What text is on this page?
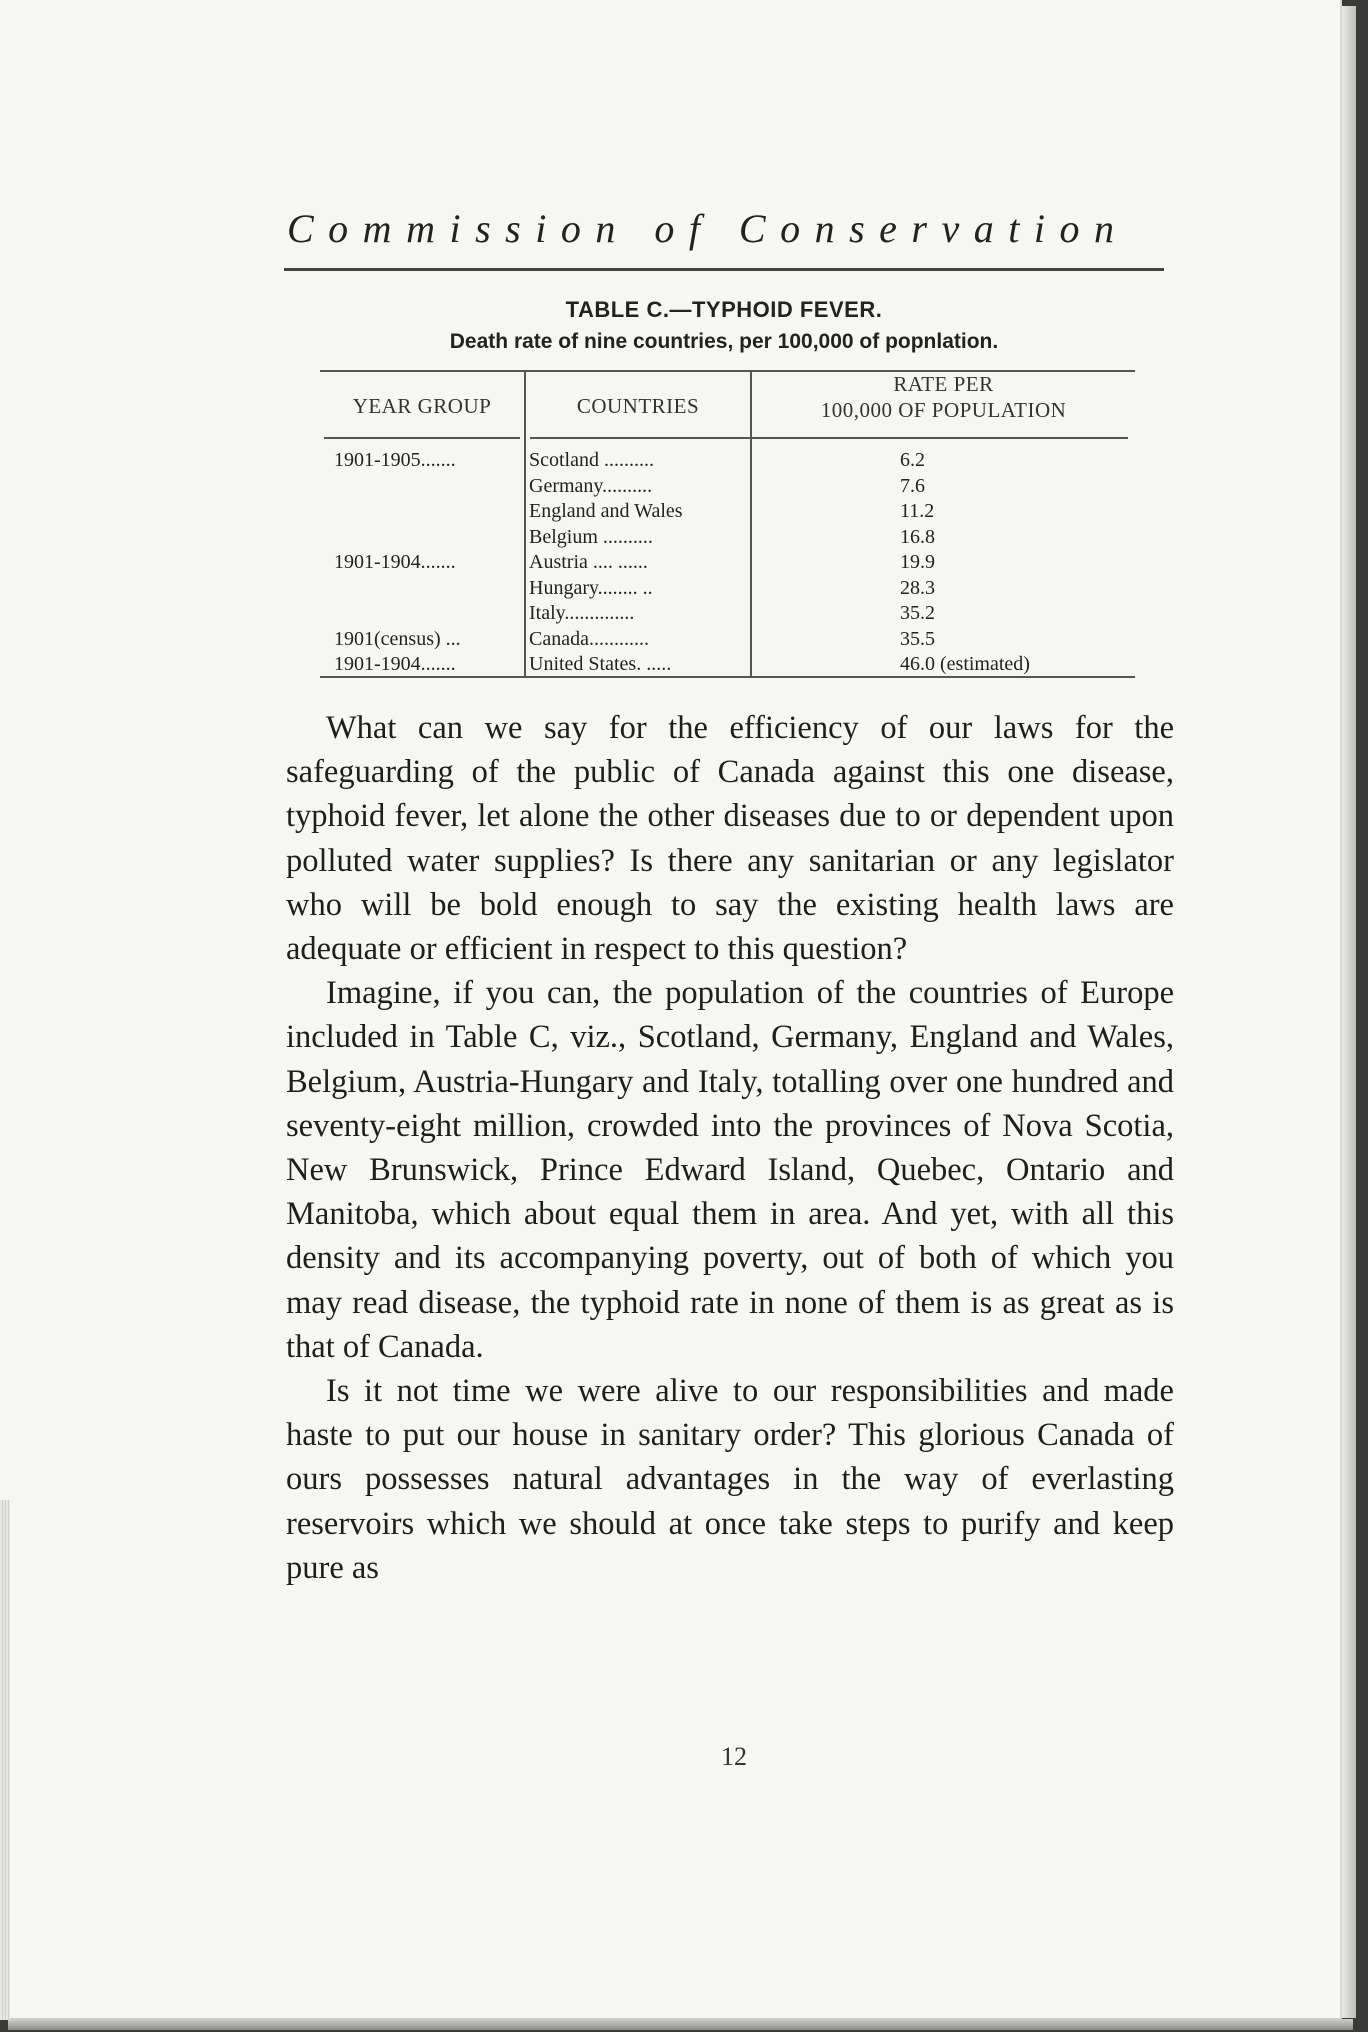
Commission of Conservation
TABLE C.—TYPHOID FEVER.
Death rate of nine countries, per 100,000 of popnlation.
YEAR GROUP	COUNTRIES
RATE PER
100,000 OF POPULATION
1901-1905.......	Scotland ..........	6.2
Germany..........	7.6
England and Wales	11.2
Belgium ..........	16.8
1901-1904.......	Austria .... ......	19.9
Hungary........ ..	28.3
Italy..............	35.2
1901(census) ...	Canada............	35.5
1901-1904.......	United States. .....	46.0 (estimated)

What can we say for the efficiency of our laws for the safeguarding of the public of Canada against this one disease, typhoid fever, let alone the other diseases due to or dependent upon polluted water supplies? Is there any sanitarian or any legislator who will be bold enough to say the existing health laws are adequate or efficient in respect to this question?

Imagine, if you can, the population of the countries of Europe included in Table C, viz., Scotland, Germany, England and Wales, Belgium, Austria-Hungary and Italy, totalling over one hundred and seventy-eight million, crowded into the provinces of Nova Scotia, New Brunswick, Prince Edward Island, Quebec, Ontario and Manitoba, which about equal them in area. And yet, with all this density and its accompanying poverty, out of both of which you may read disease, the typhoid rate in none of them is as great as is that of Canada.

Is it not time we were alive to our responsibilities and made haste to put our house in sanitary order? This glorious Canada of ours possesses natural advantages in the way of everlasting reservoirs which we should at once take steps to purify and keep pure as

12
